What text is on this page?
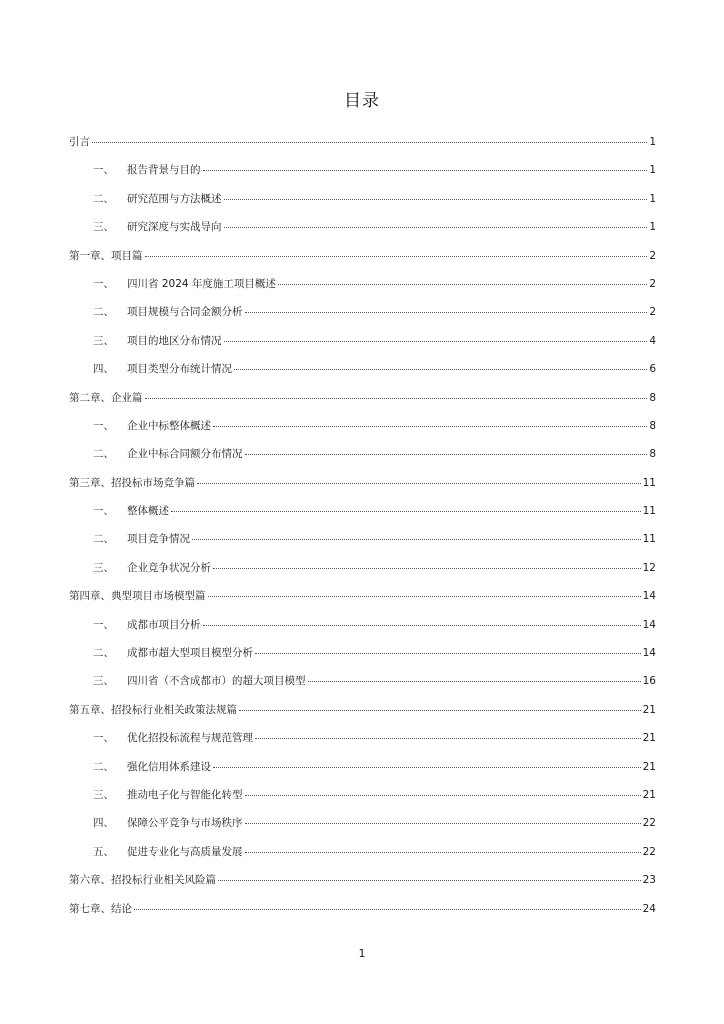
目录
引言	1
一、	报告背景与目的	1
二、	研究范围与方法概述	1
三、	研究深度与实战导向	1
第一章、项目篇	2
一、	四川省 2024 年度施工项目概述	2
二、	项目规模与合同金额分析	2
三、	项目的地区分布情况	4
四、	项目类型分布统计情况	6
第二章、企业篇	8
一、	企业中标整体概述	8
二、	企业中标合同额分布情况	8
第三章、招投标市场竞争篇	11
一、	整体概述	11
二、	项目竞争情况	11
三、	企业竞争状况分析	12
第四章、典型项目市场模型篇	14
一、	成都市项目分析	14
二、	成都市超大型项目模型分析	14
三、	四川省（不含成都市）的超大项目模型	16
第五章、招投标行业相关政策法规篇	21
一、	优化招投标流程与规范管理	21
二、	强化信用体系建设	21
三、	推动电子化与智能化转型	21
四、	保障公平竞争与市场秩序	22
五、	促进专业化与高质量发展	22
第六章、招投标行业相关风险篇	23
第七章、结论	24
1
